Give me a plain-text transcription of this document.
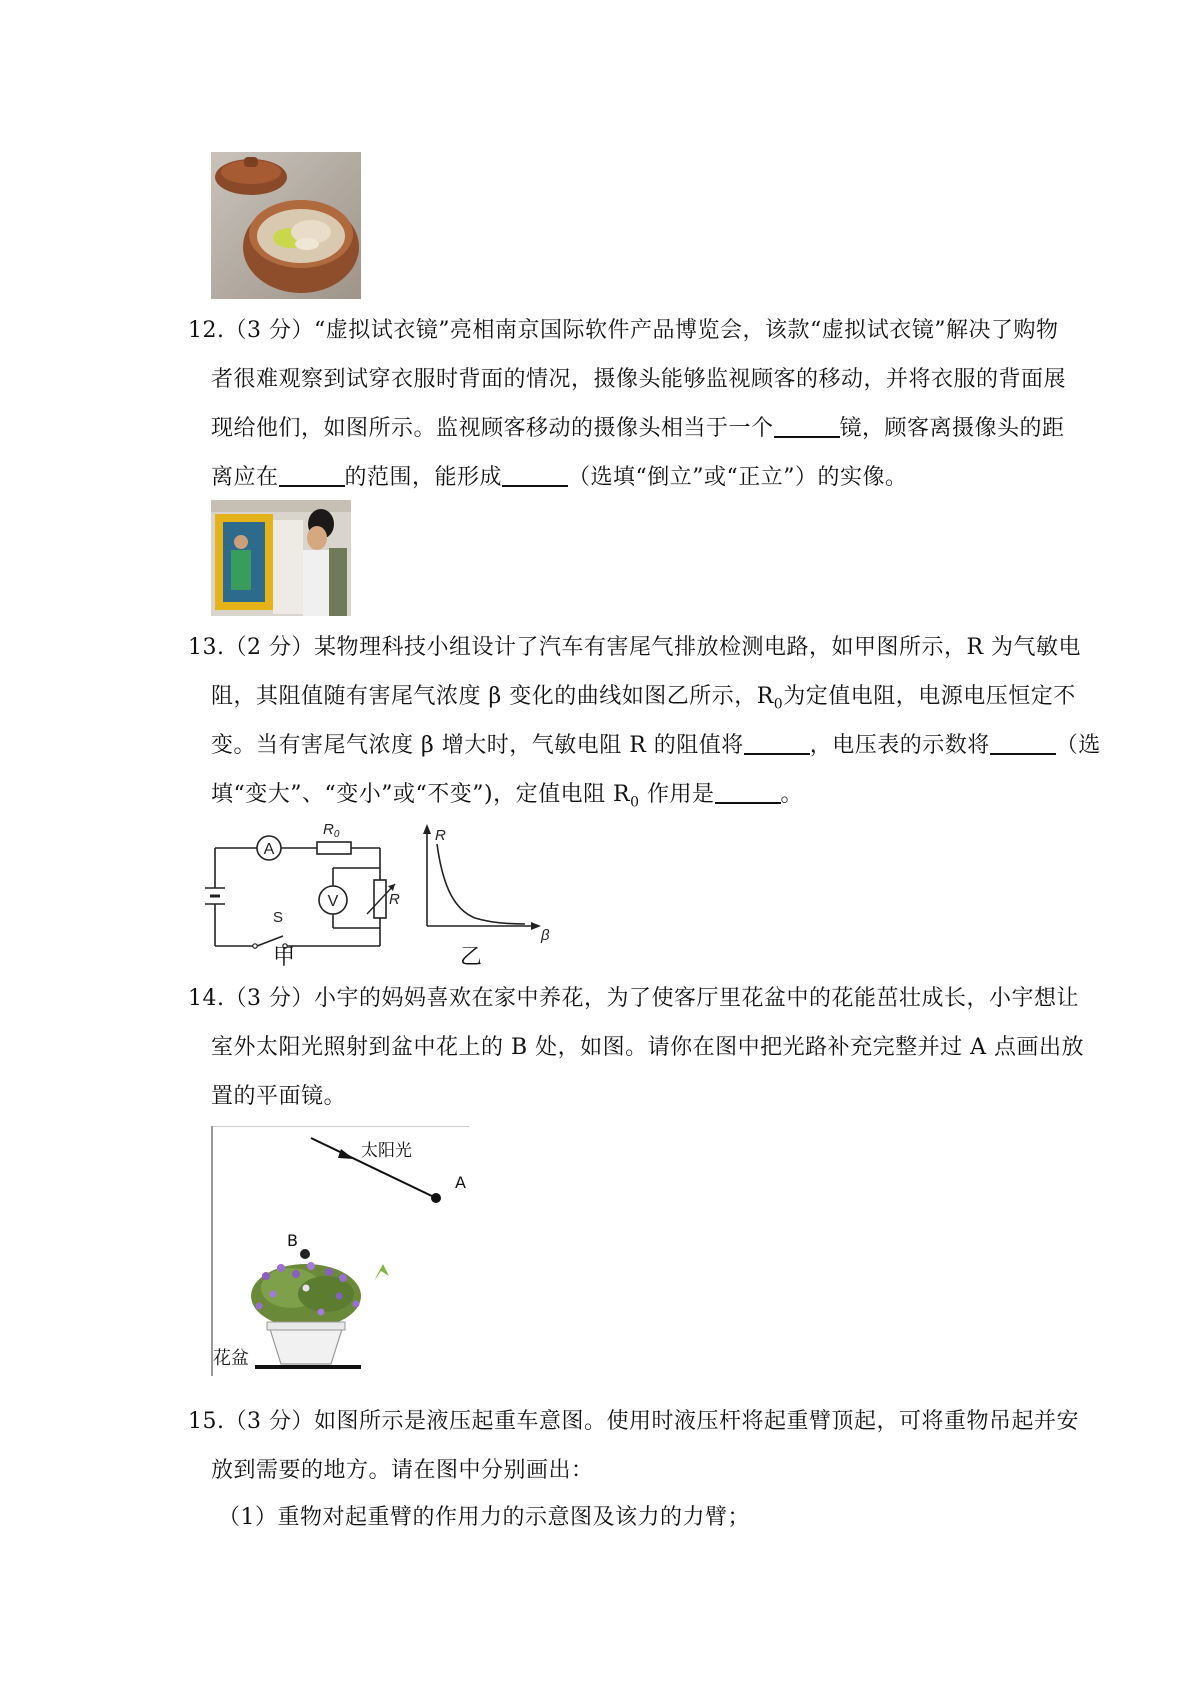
12.（3 分）“虚拟试衣镜”亮相南京国际软件产品博览会，该款“虚拟试衣镜”解决了购物
者很难观察到试穿衣服时背面的情况，摄像头能够监视顾客的移动，并将衣服的背面展
现给他们，如图所示。监视顾客移动的摄像头相当于一个	镜，顾客离摄像头的距
离应在	的范围，能形成	（选填“倒立”或“正立”）的实像。
13.（2 分）某物理科技小组设计了汽车有害尾气排放检测电路，如甲图所示，R 为气敏电
阻，其阻值随有害尾气浓度 β 变化的曲线如图乙所示，$R_0$为定值电阻，电源电压恒定不
变。当有害尾气浓度 β 增大时，气敏电阻 R 的阻值将	，电压表的示数将	（选
填“变大”、“变小”或“不变”)，定值电阻 $R_0$ 作用是	。
A
$R_0$
V	R
S
甲
R
β
乙
14.（3 分）小宇的妈妈喜欢在家中养花，为了使客厅里花盆中的花能茁壮成长，小宇想让
室外太阳光照射到盆中花上的 B 处，如图。请你在图中把光路补充完整并过 A 点画出放
置的平面镜。
太阳光
A
B
花盆
15.（3 分）如图所示是液压起重车意图。使用时液压杆将起重臂顶起，可将重物吊起并安
放到需要的地方。请在图中分别画出：
（1）重物对起重臂的作用力的示意图及该力的力臂；
